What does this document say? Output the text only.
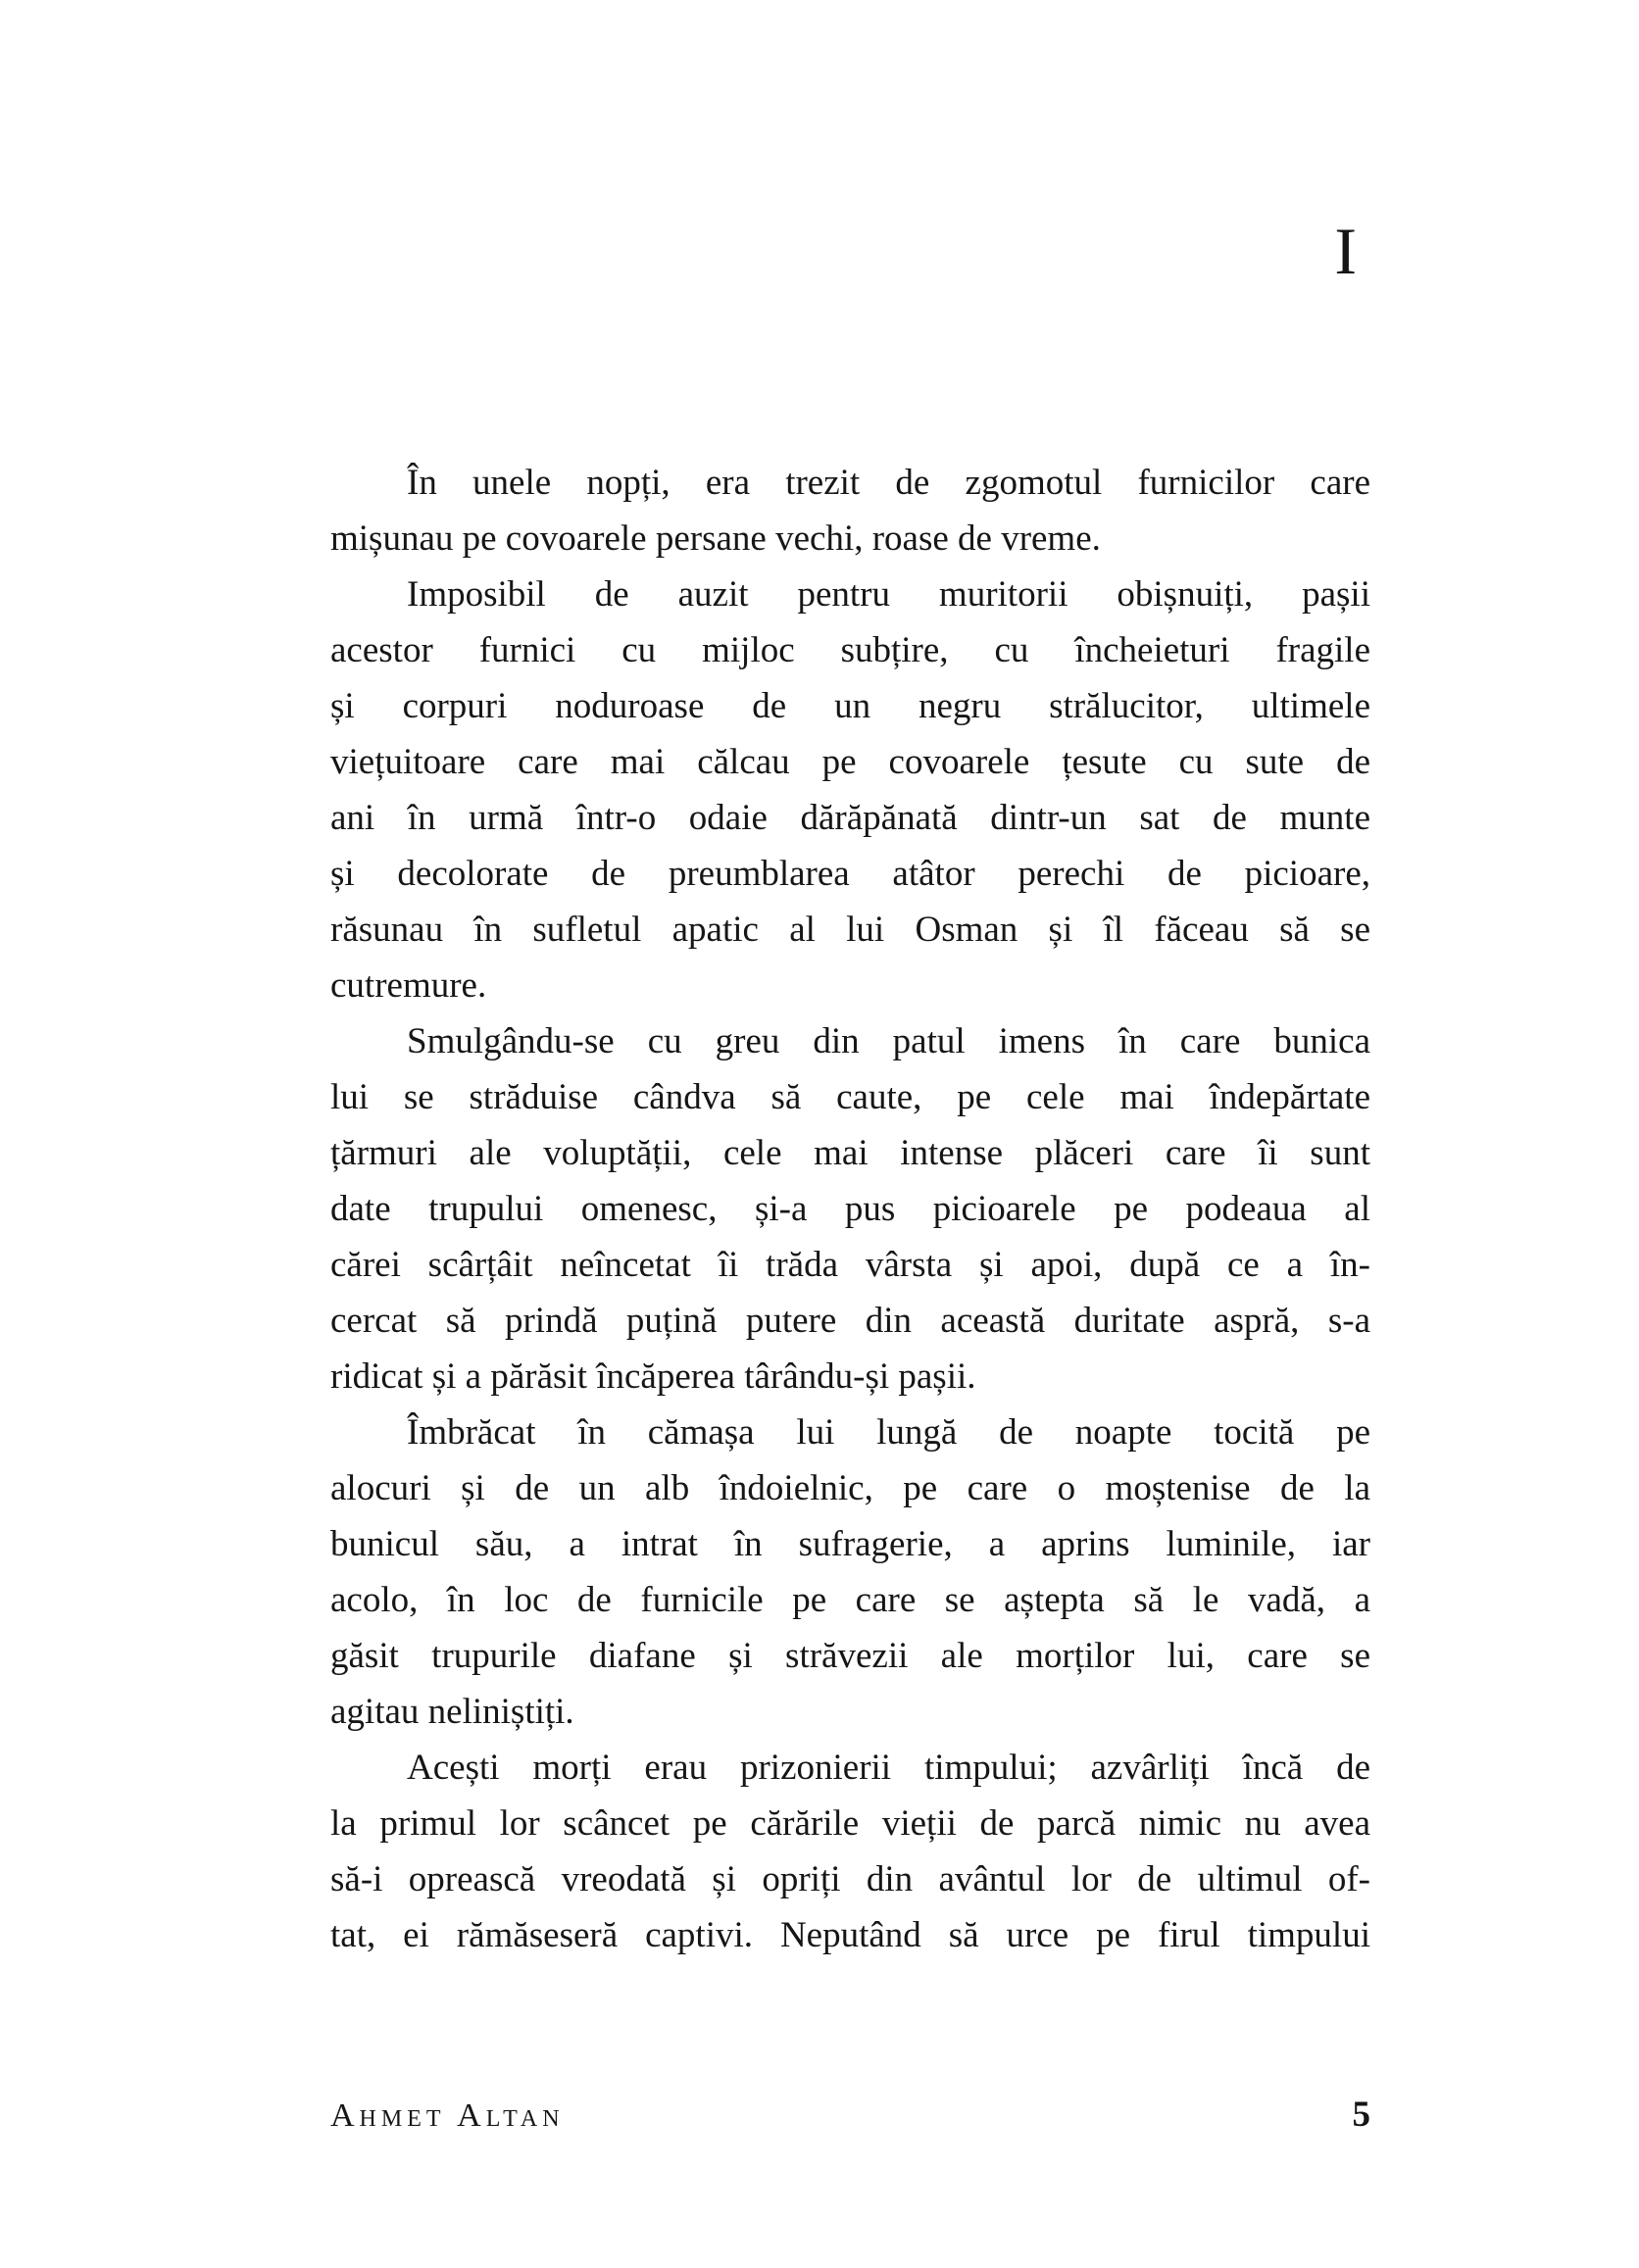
I
În unele nopți, era trezit de zgomotul furnicilor care
mișunau pe covoarele persane vechi, roase de vreme.
Imposibil de auzit pentru muritorii obișnuiți, pașii
acestor furnici cu mijloc subțire, cu încheieturi fragile
și corpuri noduroase de un negru strălucitor, ultimele
viețuitoare care mai călcau pe covoarele țesute cu sute de
ani în urmă într-o odaie dărăpănată dintr-un sat de munte
și decolorate de preumblarea atâtor perechi de picioare,
răsunau în sufletul apatic al lui Osman și îl făceau să se
cutremure.
Smulgându-se cu greu din patul imens în care bunica
lui se străduise cândva să caute, pe cele mai îndepărtate
țărmuri ale voluptății, cele mai intense plăceri care îi sunt
date trupului omenesc, și-a pus picioarele pe podeaua al
cărei scârțâit neîncetat îi trăda vârsta și apoi, după ce a în-
cercat să prindă puțină putere din această duritate aspră, s-a
ridicat și a părăsit încăperea târându-și pașii.
Îmbrăcat în cămașa lui lungă de noapte tocită pe
alocuri și de un alb îndoielnic, pe care o moștenise de la
bunicul său, a intrat în sufragerie, a aprins luminile, iar
acolo, în loc de furnicile pe care se aștepta să le vadă, a
găsit trupurile diafane și străvezii ale morților lui, care se
agitau neliniștiți.
Acești morți erau prizonierii timpului; azvârliți încă de
la primul lor scâncet pe cărările vieții de parcă nimic nu avea
să-i oprească vreodată și opriți din avântul lor de ultimul of-
tat, ei rămăseseră captivi. Neputând să urce pe firul timpului
Ahmet Altan	5
